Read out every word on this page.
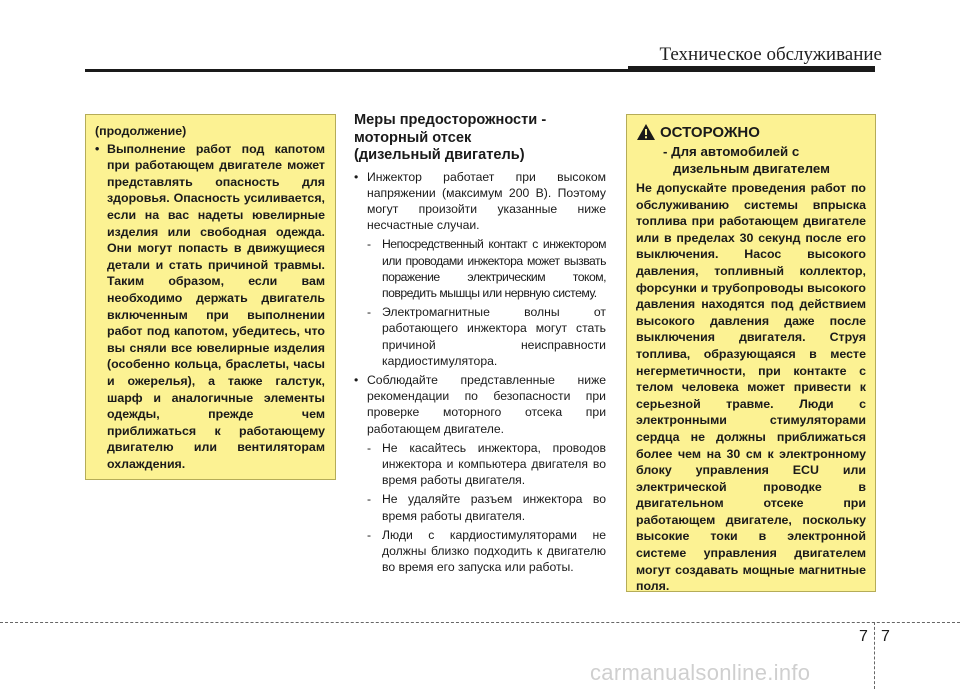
Техническое обслуживание
(продолжение)
• Выполнение работ под капотом при работающем двигателе может представлять опасность для здоровья. Опасность усиливается, если на вас надеты ювелирные изделия или свободная одежда. Они могут попасть в движущиеся детали и стать причиной травмы. Таким образом, если вам необходимо держать двигатель включенным при выполнении работ под капотом, убедитесь, что вы сняли все ювелирные изделия (особенно кольца, браслеты, часы и ожерелья), а также галстук, шарф и аналогичные элементы одежды, прежде чем приближаться к работающему двигателю или вентиляторам охлаждения.
Меры предосторожности -
моторный отсек
(дизельный двигатель)
• Инжектор работает при высоком напряжении (максимум 200 В). Поэтому могут произойти указанные ниже несчастные случаи.
- Непосредственный контакт с инжектором или проводами инжектора может вызвать поражение электрическим током, повредить мышцы или нервную систему.
- Электромагнитные волны от работающего инжектора могут стать причиной неисправности кардиостимулятора.
• Соблюдайте представленные ниже рекомендации по безопасности при проверке моторного отсека при работающем двигателе.
- Не касайтесь инжектора, проводов инжектора и компьютера двигателя во время работы двигателя.
- Не удаляйте разъем инжектора во время работы двигателя.
- Люди с кардиостимуляторами не должны близко подходить к двигателю во время его запуска или работы.
ОСТОРОЖНО
- Для автомобилей с
дизельным двигателем
Не допускайте проведения работ по обслуживанию системы впрыска топлива при работающем двигателе или в пределах 30 секунд после его выключения. Насос высокого давления, топливный коллектор, форсунки и трубопроводы высокого давления находятся под действием высокого давления даже после выключения двигателя. Струя топлива, образующаяся в месте негерметичности, при контакте с телом человека может привести к серьезной травме. Люди с электронными стимуляторами сердца не должны приближаться более чем на 30 см к электронному блоку управления ECU или электрической проводке в двигательном отсеке при работающем двигателе, поскольку высокие токи в электронной системе управления двигателем могут создавать мощные магнитные поля.
7 7
carmanualsonline.info
